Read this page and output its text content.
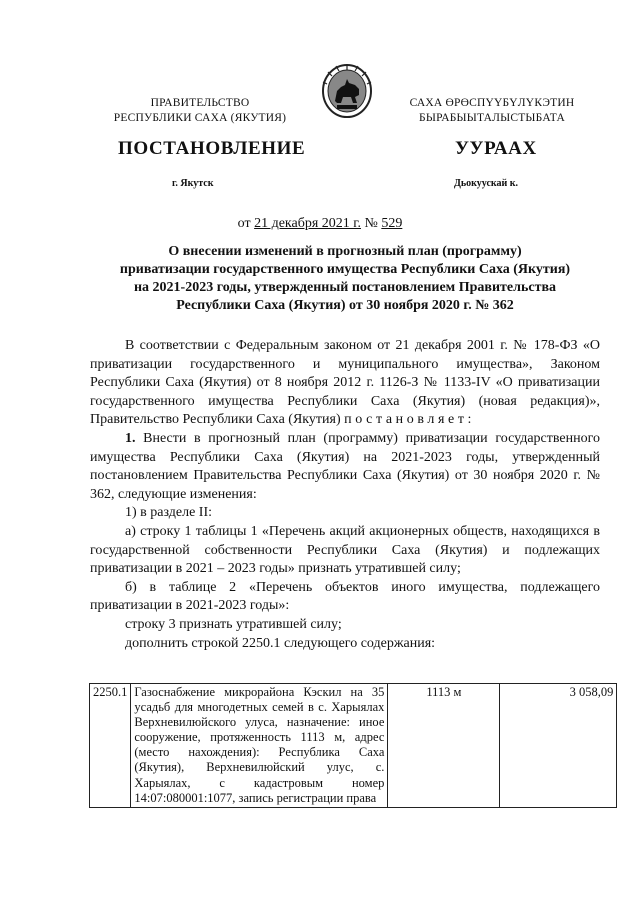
ПРАВИТЕЛЬСТВО
РЕСПУБЛИКИ САХА (ЯКУТИЯ)
САХА ӨРӨСПҮҮБҮЛҮКЭТИН
БЫРАБЫЫТАЛЫСТЫБАТА
ПОСТАНОВЛЕНИЕ	УУРААХ
г. Якутск	Дьокуускай к.
от 21 декабря 2021 г. № 529
О внесении изменений в прогнозный план (программу)
приватизации государственного имущества Республики Саха (Якутия)
на 2021-2023 годы, утвержденный постановлением Правительства
Республики Саха (Якутия) от 30 ноября 2020 г. № 362

В соответствии с Федеральным законом от 21 декабря 2001 г. № 178-ФЗ «О приватизации государственного и муниципального имущества», Законом Республики Саха (Якутия) от 8 ноября 2012 г. 1126-З № 1133-IV «О приватизации государственного имущества Республики Саха (Якутия) (новая редакция)», Правительство Республики Саха (Якутия) постановляет:

1. Внести в прогнозный план (программу) приватизации государственного имущества Республики Саха (Якутия) на 2021-2023 годы, утвержденный постановлением Правительства Республики Саха (Якутия) от 30 ноября 2020 г. № 362, следующие изменения:

1) в разделе II:

а) строку 1 таблицы 1 «Перечень акций акционерных обществ, находящихся в государственной собственности Республики Саха (Якутия) и подлежащих приватизации в 2021 – 2023 годы» признать утратившей силу;

б) в таблице 2 «Перечень объектов иного имущества, подлежащего приватизации в 2021-2023 годы»:

строку 3 признать утратившей силу;

дополнить строкой 2250.1 следующего содержания:

2250.1	Газоснабжение микрорайона Кэскил на 35 усадьб для многодетных семей в с. Харыялах Верхневилюйского улуса, назначение: иное сооружение, протяженность 1113 м, адрес (место нахождения): Республика Саха (Якутия), Верхневилюйский улус, с. Харыялах, с кадастровым номер 14:07:080001:1077, запись регистрации права	1113 м	3 058,09
